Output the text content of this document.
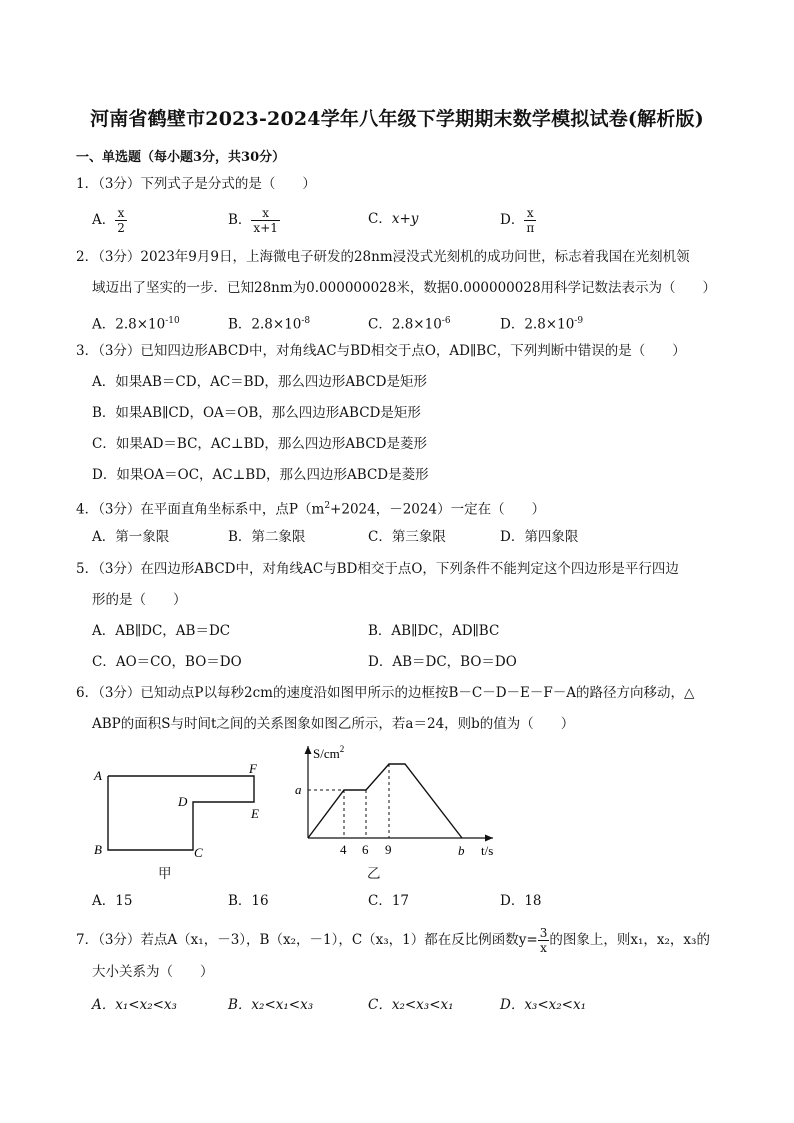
河南省鹤壁市2023-2024学年八年级下学期期末数学模拟试卷(解析版)
一、单选题（每小题3分，共30分）
1．（3分）下列式子是分式的是（　　）
A． $\frac{x}{2}$	B． $\frac{x}{x+1}$	C．x+y	D． $\frac{x}{\pi}$
2．（3分）2023年9月9日，上海微电子研发的28nm浸没式光刻机的成功问世，标志着我国在光刻机领
域迈出了坚实的一步．已知28nm为0.000000028米，数据0.000000028用科学记数法表示为（　　）
A．$2.8\times 10^{-10}$	B．$2.8\times 10^{-8}$	C．$2.8\times 10^{-6}$	D．$2.8\times 10^{-9}$
3．（3分）已知四边形ABCD中，对角线AC与BD相交于点O，AD∥BC，下列判断中错误的是（　　）
A．如果AB＝CD，AC＝BD，那么四边形ABCD是矩形
B．如果AB∥CD，OA＝OB，那么四边形ABCD是矩形
C．如果AD＝BC，AC⊥BD，那么四边形ABCD是菱形
D．如果OA＝OC，AC⊥BD，那么四边形ABCD是菱形
4．（3分）在平面直角坐标系中，点$P(m^2+2024$，－2024）一定在（　　）
A．第一象限	B．第二象限	C．第三象限	D．第四象限
5．（3分）在四边形ABCD中，对角线AC与BD相交于点O，下列条件不能判定这个四边形是平行四边
形的是（　　）
A．AB∥DC，AB＝DC	B．AB∥DC，AD∥BC
C．AO＝CO，BO＝DO	D．AB＝DC，BO＝DO
6．（3分）已知动点P以每秒2cm的速度沿如图甲所示的边框按B－C－D－E－F－A的路径方向移动，△
ABP的面积S与时间t之间的关系图象如图乙所示，若a＝24，则b的值为（　　）
A
B	C
D
E
F
甲
$S/cm^2$
a
4 6 9	b t/s
乙
A．15	B．16	C．17	D．18
7．（3分）若点A（x₁，－3），B（x₂，－1），C（x₃，1）都在反比例函数$y= \frac{3}{x}$ 的图象上，则x₁，x₂，x₃的
大小关系为（　　）
A．x₁<x₂<x₃	B．x₂<x₁<x₃	C．x₂<x₃<x₁	D．x₃<x₂<x₁
